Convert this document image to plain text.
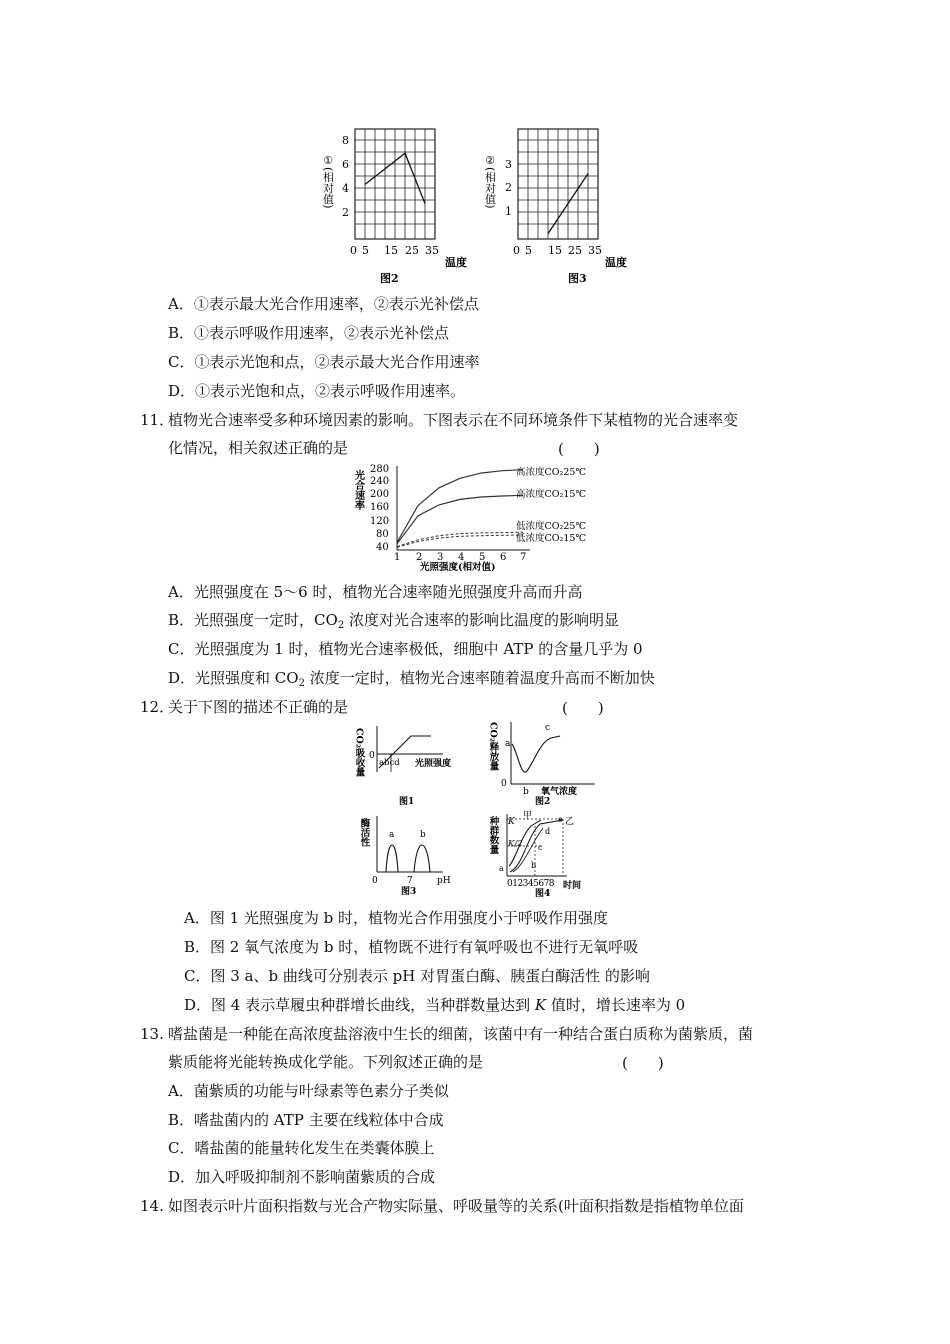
①(相对值)
8
6
4
2
0 5 15 25 35
图2
②(相对值) 3
2
1
0 5 15 25 35
温度	温度
图3
A．①表示最大光合作用速率，②表示光补偿点
B．①表示呼吸作用速率，②表示光补偿点
C．①表示光饱和点，②表示最大光合作用速率
D．①表示光饱和点，②表示呼吸作用速率。
11．
植物光合速率受多种环境因素的影响。下图表示在不同环境条件下某植物的光合速率变
化情况，相关叙述正确的是	(　　)
光合速率
280
240
200
160
120
80
40
1 2 3 4 5 6 7
光照强度(相对值)
高浓度CO₂25℃
高浓度CO₂15℃
低浓度CO₂25℃
低浓度CO₂15℃
A．光照强度在 5～6 时，植物光合速率随光照强度升高而升高
B．光照强度一定时，$CO_2$ 浓度对光合速率的影响比温度的影响明显
C．光照强度为 1 时，植物光合速率极低，细胞中 ATP 的含量几乎为 0
D．光照强度和 $CO_2$ 浓度一定时，植物光合速率随着温度升高而不断加快
12．
关于下图的描述不正确的是	(　　)
CO₂吸收量 0
abcd 光照强度
图1
CO₂释放量 a
c
0
b 氧气浓度
图2
酶活性 a	b
0	7	pH
图3
种群数量 K
K/2
甲
乙
e
d
c
b
a
012345678 时间
图4
A．图 1 光照强度为 b 时，植物光合作用强度小于呼吸作用强度
B．图 2 氧气浓度为 b 时，植物既不进行有氧呼吸也不进行无氧呼吸
C．图 3 a、b 曲线可分别表示 pH 对胃蛋白酶、胰蛋白酶活性 的影响
D．图 4 表示草履虫种群增长曲线，当种群数量达到 K 值时，增长速率为 0
13. 嗜盐菌是一种能在高浓度盐溶液中生长的细菌，该菌中有一种结合蛋白质称为菌紫质，菌
紫质能将光能转换成化学能。下列叙述正确的是	(　　)
A．菌紫质的功能与叶绿素等色素分子类似
B．嗜盐菌内的 ATP 主要在线粒体中合成
C．嗜盐菌的能量转化发生在类囊体膜上
D．加入呼吸抑制剂不影响菌紫质的合成
14. 如图表示叶片面积指数与光合产物实际量、呼吸量等的关系(叶面积指数是指植物单位面
